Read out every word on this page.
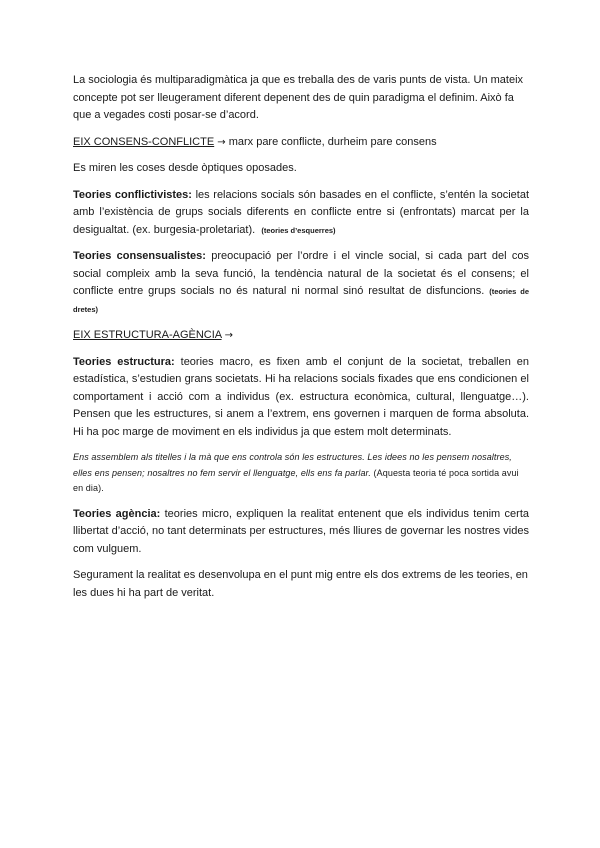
La sociologia és multiparadigmàtica ja que es treballa des de varis punts de vista. Un mateix concepte pot ser lleugerament diferent depenent des de quin paradigma el definim. Això fa que a vegades costi posar-se d’acord.

EIX CONSENS-CONFLICTE → marx pare conflicte, durheim pare consens

Es miren les coses desde òptiques oposades.

Teories conflictivistes: les relacions socials són basades en el conflicte, s’entén la societat amb l’existència de grups socials diferents en conflicte entre si (enfrontats) marcat per la desigualtat. (ex. burgesia-proletariat). (teories d’esquerres)

Teories consensualistes: preocupació per l’ordre i el vincle social, si cada part del cos social compleix amb la seva funció, la tendència natural de la societat és el consens; el conflicte entre grups socials no és natural ni normal sinó resultat de disfuncions. (teories de dretes)

EIX ESTRUCTURA-AGÈNCIA →

Teories estructura: teories macro, es fixen amb el conjunt de la societat, treballen en estadística, s’estudien grans societats. Hi ha relacions socials fixades que ens condicionen el comportament i acció com a individus (ex. estructura econòmica, cultural, llenguatge…). Pensen que les estructures, si anem a l’extrem, ens governen i marquen de forma absoluta. Hi ha poc marge de moviment en els individus ja que estem molt determinats.

Ens assemblem als titelles i la mà que ens controla són les estructures. Les idees no les pensem nosaltres, elles ens pensen; nosaltres no fem servir el llenguatge, ells ens fa parlar. (Aquesta teoria té poca sortida avui en dia).

Teories agència: teories micro, expliquen la realitat entenent que els individus tenim certa llibertat d’acció, no tant determinats per estructures, més lliures de governar les nostres vides com vulguem.

Segurament la realitat es desenvolupa en el punt mig entre els dos extrems de les teories, en les dues hi ha part de veritat.
